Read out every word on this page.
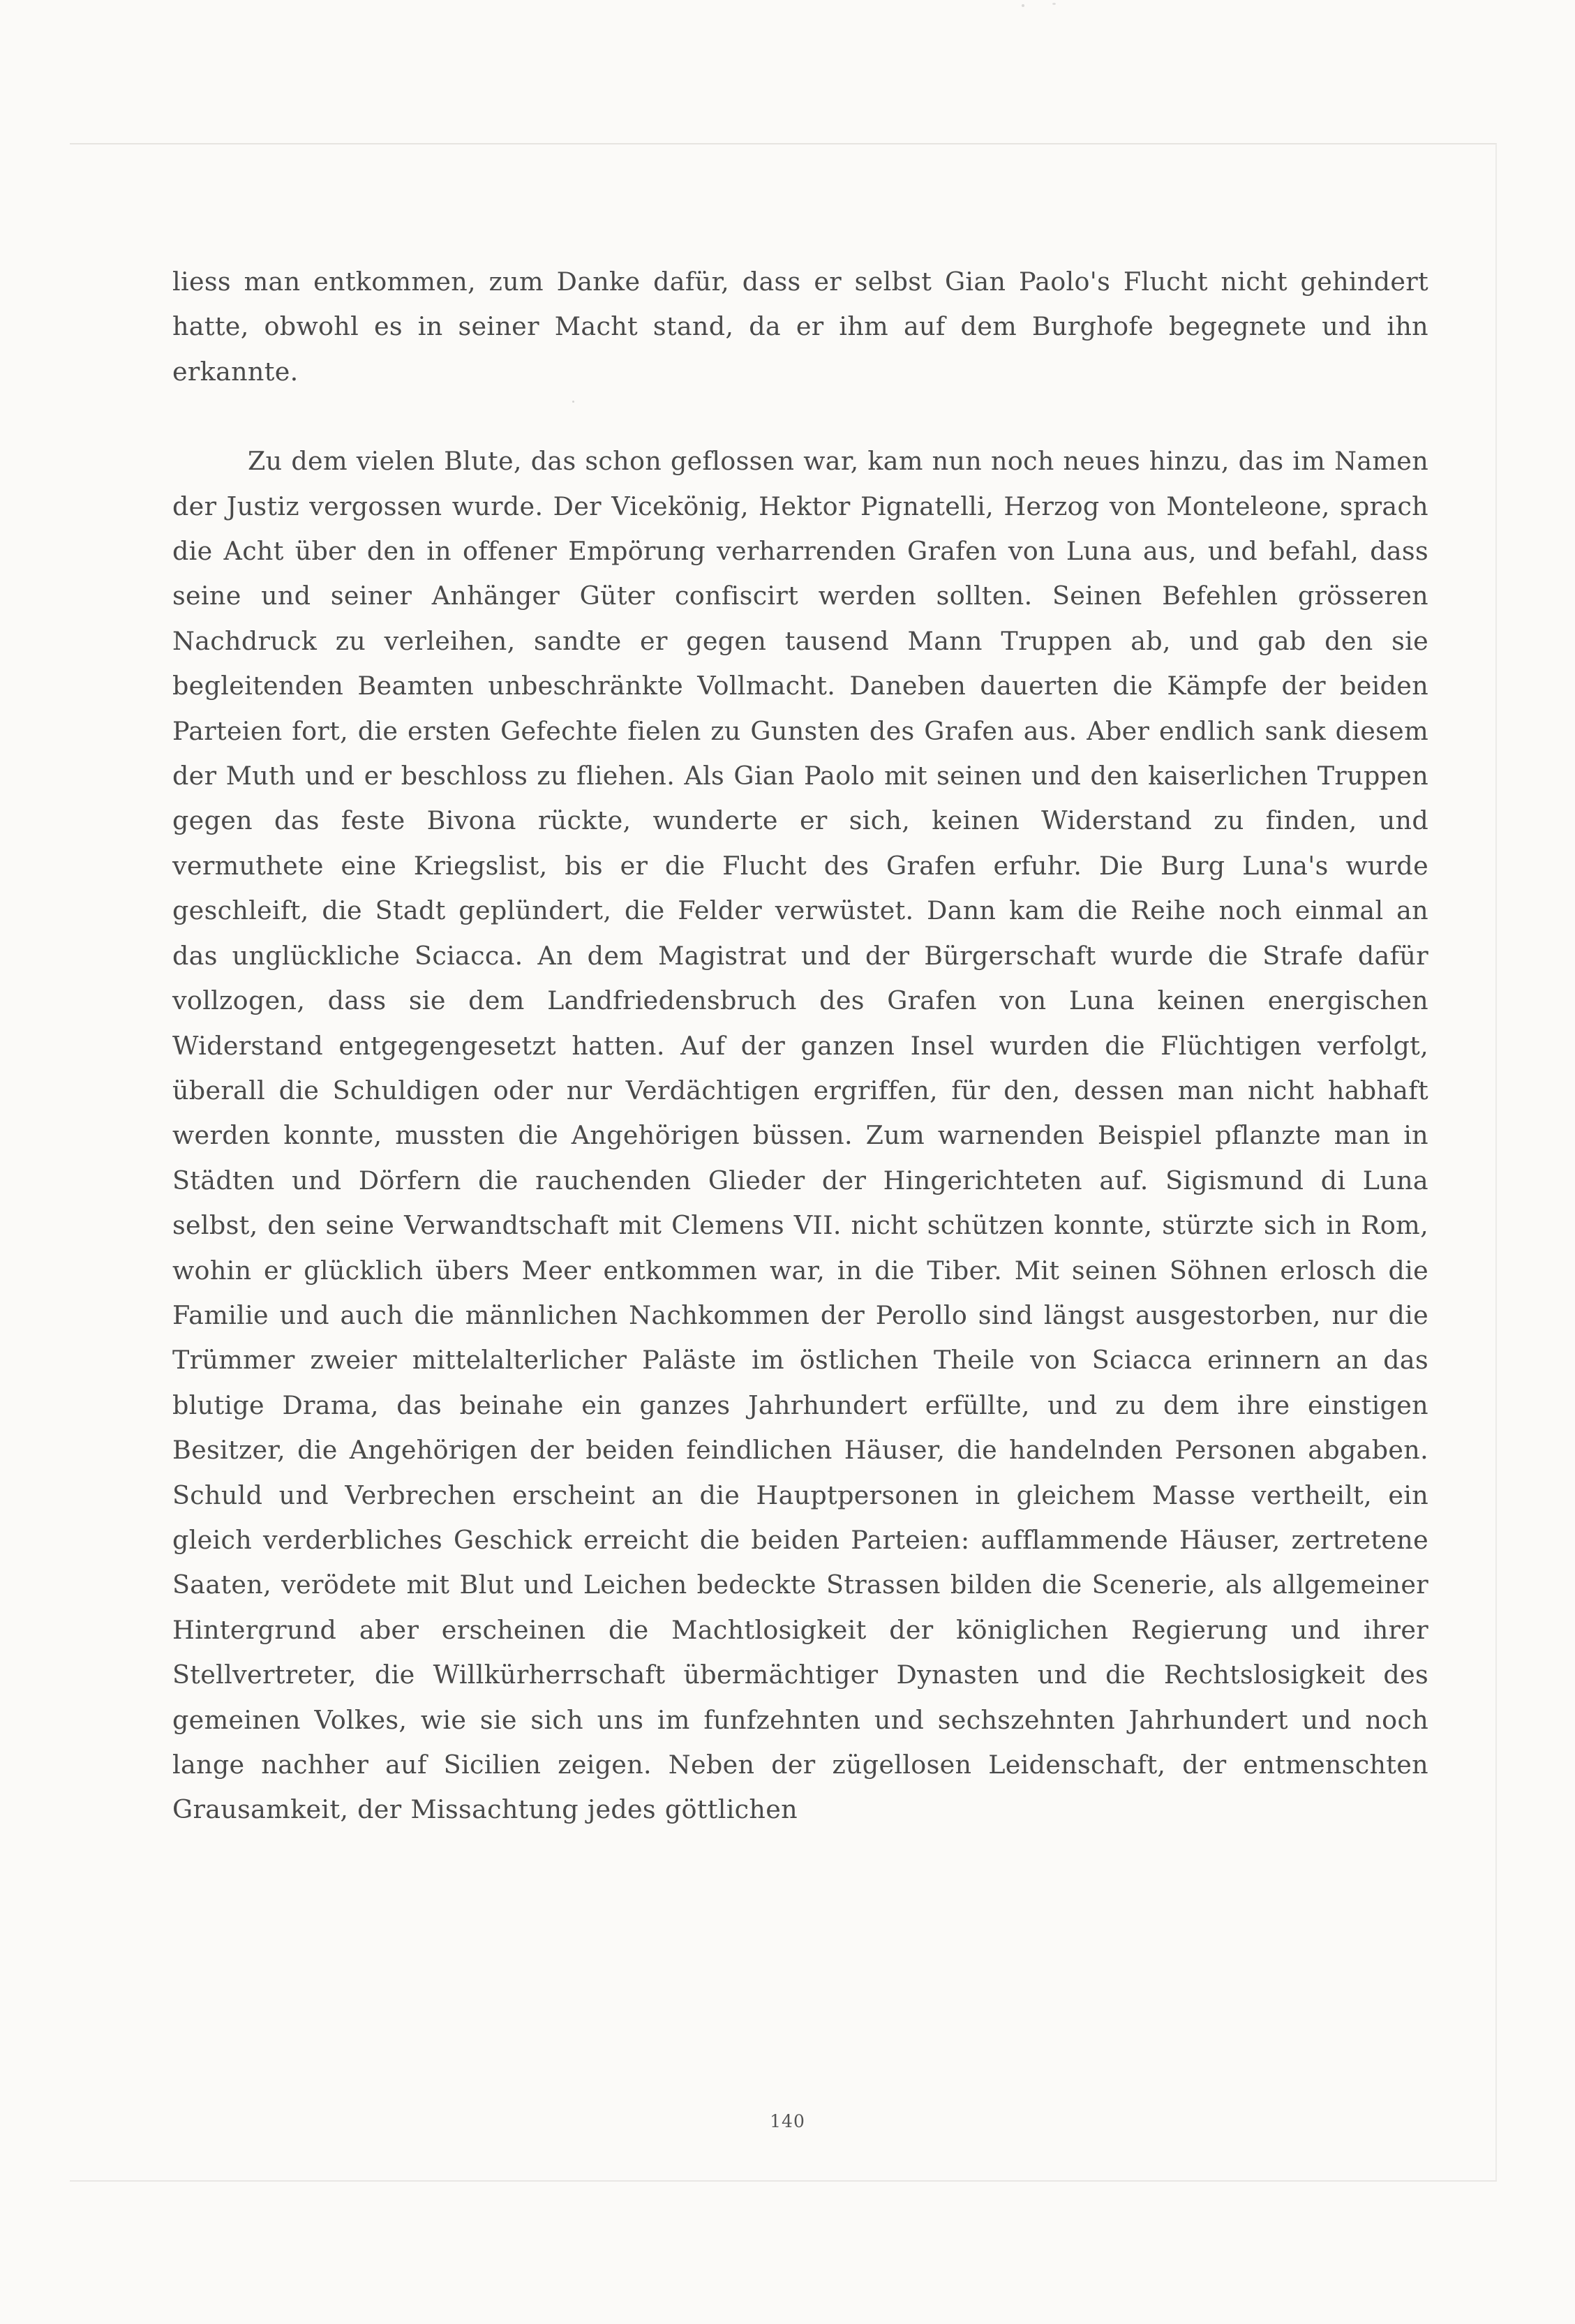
liess man entkommen, zum Danke dafür, dass er selbst Gian Paolo's Flucht nicht gehindert hatte, obwohl es in seiner Macht stand, da er ihm auf dem Burghofe begegnete und ihn erkannte.

Zu dem vielen Blute, das schon geflossen war, kam nun noch neues hinzu, das im Namen der Justiz vergossen wurde. Der Vicekönig, Hektor Pignatelli, Herzog von Monteleone, sprach die Acht über den in offener Empörung verharrenden Grafen von Luna aus, und befahl, dass seine und seiner Anhänger Güter confiscirt werden sollten. Seinen Befehlen grösseren Nachdruck zu verleihen, sandte er gegen tausend Mann Truppen ab, und gab den sie begleitenden Beamten unbeschränkte Vollmacht. Daneben dauerten die Kämpfe der beiden Parteien fort, die ersten Gefechte fielen zu Gunsten des Grafen aus. Aber endlich sank diesem der Muth und er beschloss zu fliehen. Als Gian Paolo mit seinen und den kaiserlichen Truppen gegen das feste Bivona rückte, wunderte er sich, keinen Widerstand zu finden, und vermuthete eine Kriegslist, bis er die Flucht des Grafen erfuhr. Die Burg Luna's wurde geschleift, die Stadt geplündert, die Felder verwüstet. Dann kam die Reihe noch einmal an das unglückliche Sciacca. An dem Magistrat und der Bürgerschaft wurde die Strafe dafür vollzogen, dass sie dem Landfriedensbruch des Grafen von Luna keinen energischen Widerstand entgegengesetzt hatten. Auf der ganzen Insel wurden die Flüchtigen verfolgt, überall die Schuldigen oder nur Verdächtigen ergriffen, für den, dessen man nicht habhaft werden konnte, mussten die Angehörigen büssen. Zum warnenden Beispiel pflanzte man in Städten und Dörfern die rauchenden Glieder der Hingerichteten auf. Sigismund di Luna selbst, den seine Verwandtschaft mit Clemens VII. nicht schützen konnte, stürzte sich in Rom, wohin er glücklich übers Meer entkommen war, in die Tiber. Mit seinen Söhnen erlosch die Familie und auch die männlichen Nachkommen der Perollo sind längst ausgestorben, nur die Trümmer zweier mittelalterlicher Paläste im östlichen Theile von Sciacca erinnern an das blutige Drama, das beinahe ein ganzes Jahrhundert erfüllte, und zu dem ihre einstigen Besitzer, die Angehörigen der beiden feindlichen Häuser, die handelnden Personen abgaben. Schuld und Verbrechen erscheint an die Hauptpersonen in gleichem Masse vertheilt, ein gleich verderbliches Geschick erreicht die beiden Parteien: aufflammende Häuser, zertretene Saaten, verödete mit Blut und Leichen bedeckte Strassen bilden die Scenerie, als allgemeiner Hintergrund aber erscheinen die Machtlosigkeit der königlichen Regierung und ihrer Stellvertreter, die Willkürherrschaft übermächtiger Dynasten und die Rechtslosigkeit des gemeinen Volkes, wie sie sich uns im funfzehnten und sechszehnten Jahrhundert und noch lange nachher auf Sicilien zeigen. Neben der zügellosen Leidenschaft, der entmenschten Grausamkeit, der Missachtung jedes göttlichen

140
